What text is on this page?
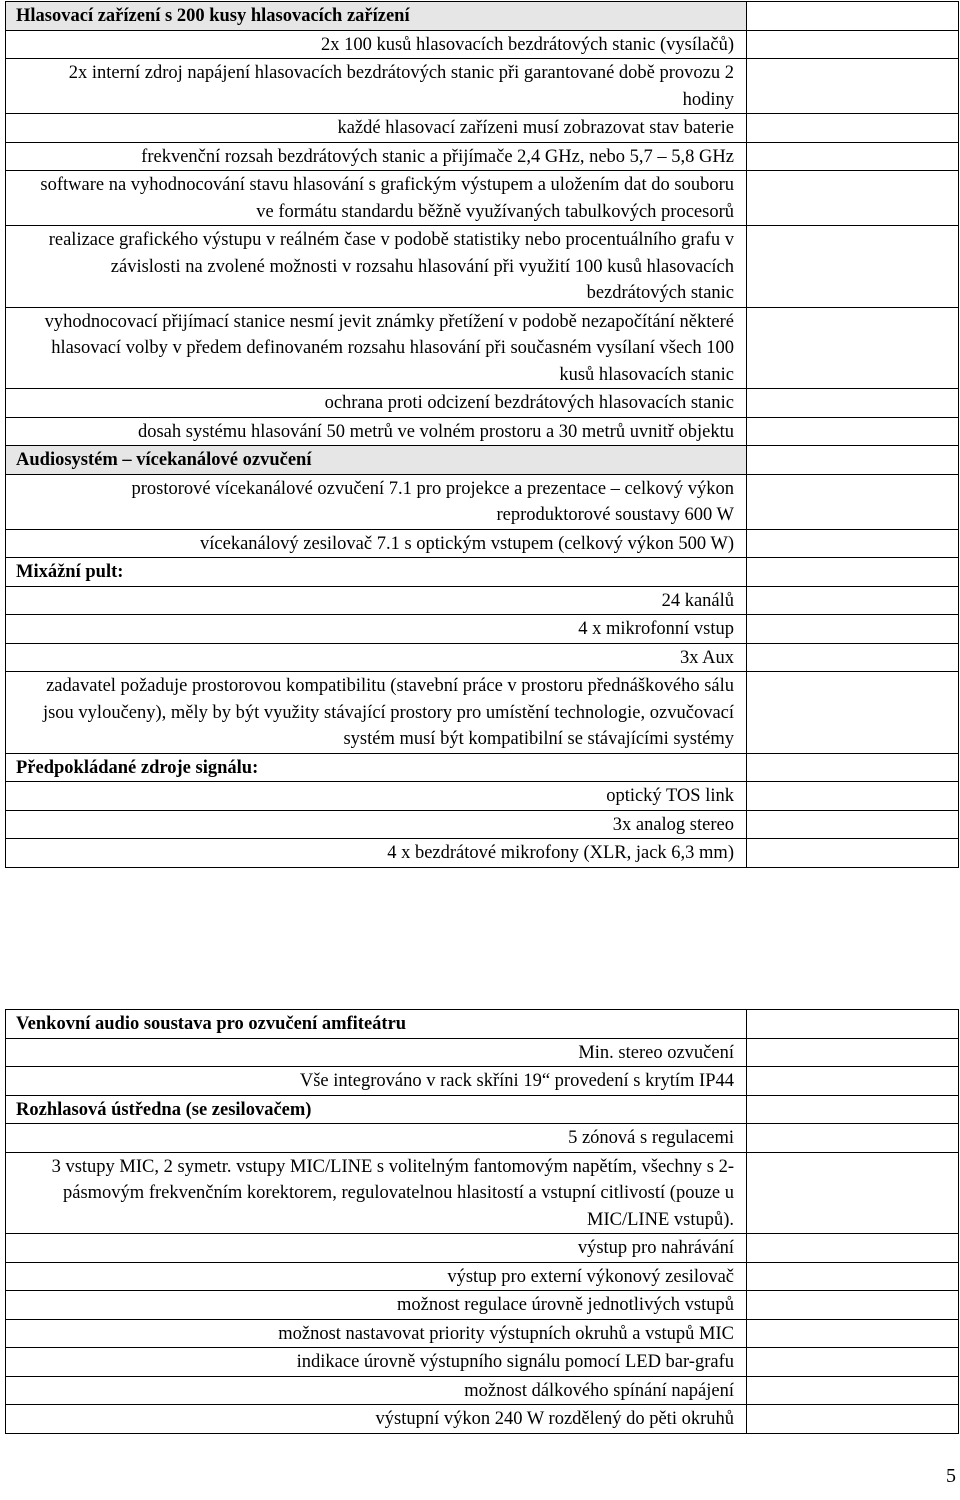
Hlasovací zařízení s 200 kusy hlasovacích zařízení	
2x 100 kusů hlasovacích bezdrátových stanic (vysílačů)	
2x interní zdroj napájení hlasovacích bezdrátových stanic při garantované době provozu 2 hodiny	
každé hlasovací zařízeni musí zobrazovat stav baterie	
frekvenční rozsah bezdrátových stanic a přijímače 2,4 GHz, nebo 5,7 – 5,8 GHz	
software na vyhodnocování stavu hlasování s grafickým výstupem a uložením dat do souboru ve formátu standardu běžně využívaných tabulkových procesorů	
realizace grafického výstupu v reálném čase v podobě statistiky nebo procentuálního grafu v závislosti na zvolené možnosti v rozsahu hlasování při využití 100 kusů hlasovacích bezdrátových stanic	
vyhodnocovací přijímací stanice nesmí jevit známky přetížení v podobě nezapočítání některé hlasovací volby v předem definovaném rozsahu hlasování při současném vysílaní všech 100 kusů hlasovacích stanic	
ochrana proti odcizení bezdrátových hlasovacích stanic	
dosah systému hlasování 50 metrů ve volném prostoru a 30 metrů uvnitř objektu	
Audiosystém – vícekanálové ozvučení	
prostorové vícekanálové ozvučení 7.1 pro projekce a prezentace – celkový výkon reproduktorové soustavy 600 W	
vícekanálový zesilovač 7.1 s optickým vstupem (celkový výkon 500 W)	
Mixážní pult:	
24 kanálů	
4 x mikrofonní vstup	
3x Aux	
zadavatel požaduje prostorovou kompatibilitu (stavební práce v prostoru přednáškového sálu jsou vyloučeny), měly by být využity stávající prostory pro umístění technologie, ozvučovací systém musí být kompatibilní se stávajícími systémy	
Předpokládané zdroje signálu:	
optický TOS link	
3x analog stereo	
4 x bezdrátové mikrofony (XLR, jack 6,3 mm)	
Venkovní audio soustava pro ozvučení amfiteátru	
Min. stereo ozvučení	
Vše integrováno v rack skříni 19“ provedení s krytím IP44	
Rozhlasová ústředna (se zesilovačem)	
5 zónová s regulacemi	
3 vstupy MIC, 2 symetr. vstupy MIC/LINE s volitelným fantomovým napětím, všechny s 2-pásmovým frekvenčním korektorem, regulovatelnou hlasitostí a vstupní citlivostí (pouze u MIC/LINE vstupů).	
výstup pro nahrávání	
výstup pro externí výkonový zesilovač	
možnost regulace úrovně jednotlivých vstupů	
možnost nastavovat priority výstupních okruhů a vstupů MIC	
indikace úrovně výstupního signálu pomocí LED bar-grafu	
možnost dálkového spínání napájení	
výstupní výkon 240 W rozdělený do pěti okruhů	
5
